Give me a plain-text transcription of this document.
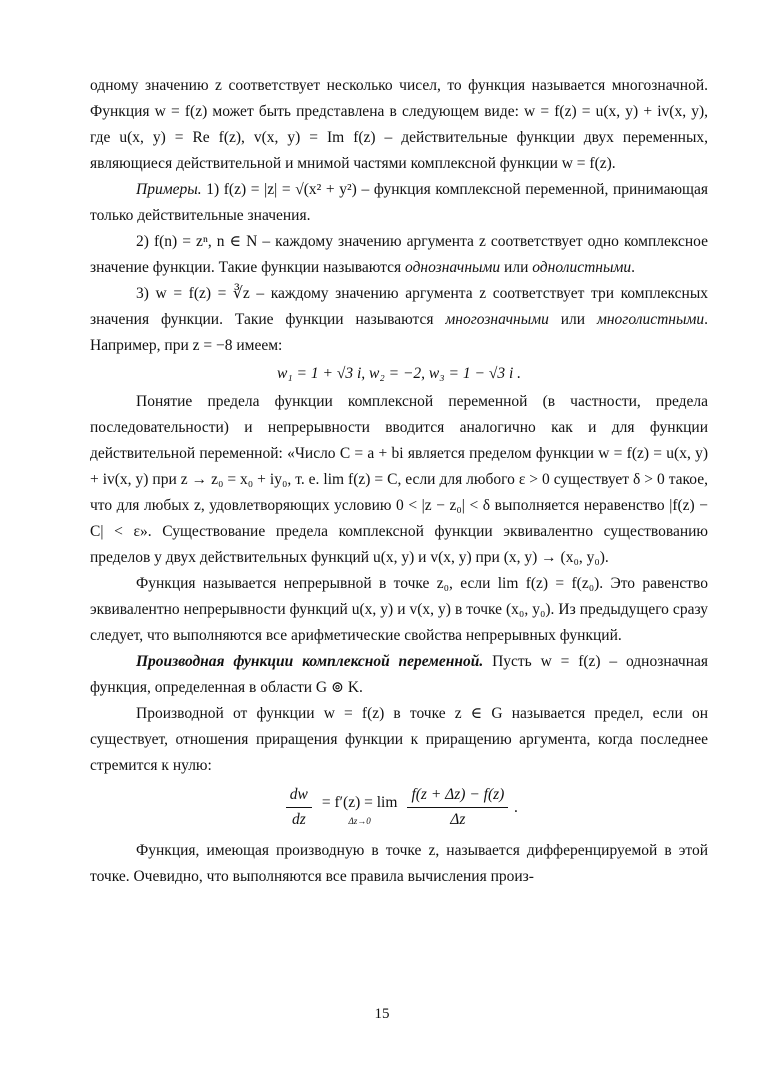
одному значению z соответствует несколько чисел, то функция называется многозначной. Функция w = f(z) может быть представлена в следующем виде: w = f(z) = u(x, y) + iv(x, y), где u(x, y) = Re f(z), v(x, y) = Im f(z) – действительные функции двух переменных, являющиеся действительной и мнимой частями комплексной функции w = f(z).

Примеры. 1) f(z) = |z| = √(x² + y²) – функция комплексной переменной, принимающая только действительные значения.

2) f(n) = zⁿ, n ∈ N – каждому значению аргумента z соответствует одно комплексное значение функции. Такие функции называются однозначными или однолистными.

3) w = f(z) = ∛z – каждому значению аргумента z соответствует три комплексных значения функции. Такие функции называются многозначными или многолистными. Например, при z = −8 имеем:

w₁ = 1 + √3 i, w₂ = −2, w₃ = 1 − √3 i .

Понятие предела функции комплексной переменной (в частности, предела последовательности) и непрерывности вводится аналогично как и для функции действительной переменной: «Число C = a + bi является пределом функции w = f(z) = u(x, y) + iv(x, y) при z → z₀ = x₀ + iy₀, т. е. lim f(z) = C, если для любого ε > 0 существует δ > 0 такое, что для любых z, удовлетворяющих условию 0 < |z − z₀| < δ выполняется неравенство |f(z) − C| < ε». Существование предела комплексной функции эквивалентно существованию пределов у двух действительных функций u(x, y) и v(x, y) при (x, y) → (x₀, y₀).

Функция называется непрерывной в точке z₀, если lim f(z) = f(z₀). Это равенство эквивалентно непрерывности функций u(x, y) и v(x, y) в точке (x₀, y₀). Из предыдущего сразу следует, что выполняются все арифметические свойства непрерывных функций.

Производная функции комплексной переменной. Пусть w = f(z) – однозначная функция, определенная в области G ⊚ K.

Производной от функции w = f(z) в точке z ∈ G называется предел, если он существует, отношения приращения функции к приращению аргумента, когда последнее стремится к нулю:

$\frac{dw}{dz} = f'(z) = \lim$
$\Delta z\to 0 \frac{f(z + \Delta z) - f(z)}{\Delta z}$ .

Функция, имеющая производную в точке z, называется дифференцируемой в этой точке. Очевидно, что выполняются все правила вычисления произ-

15
